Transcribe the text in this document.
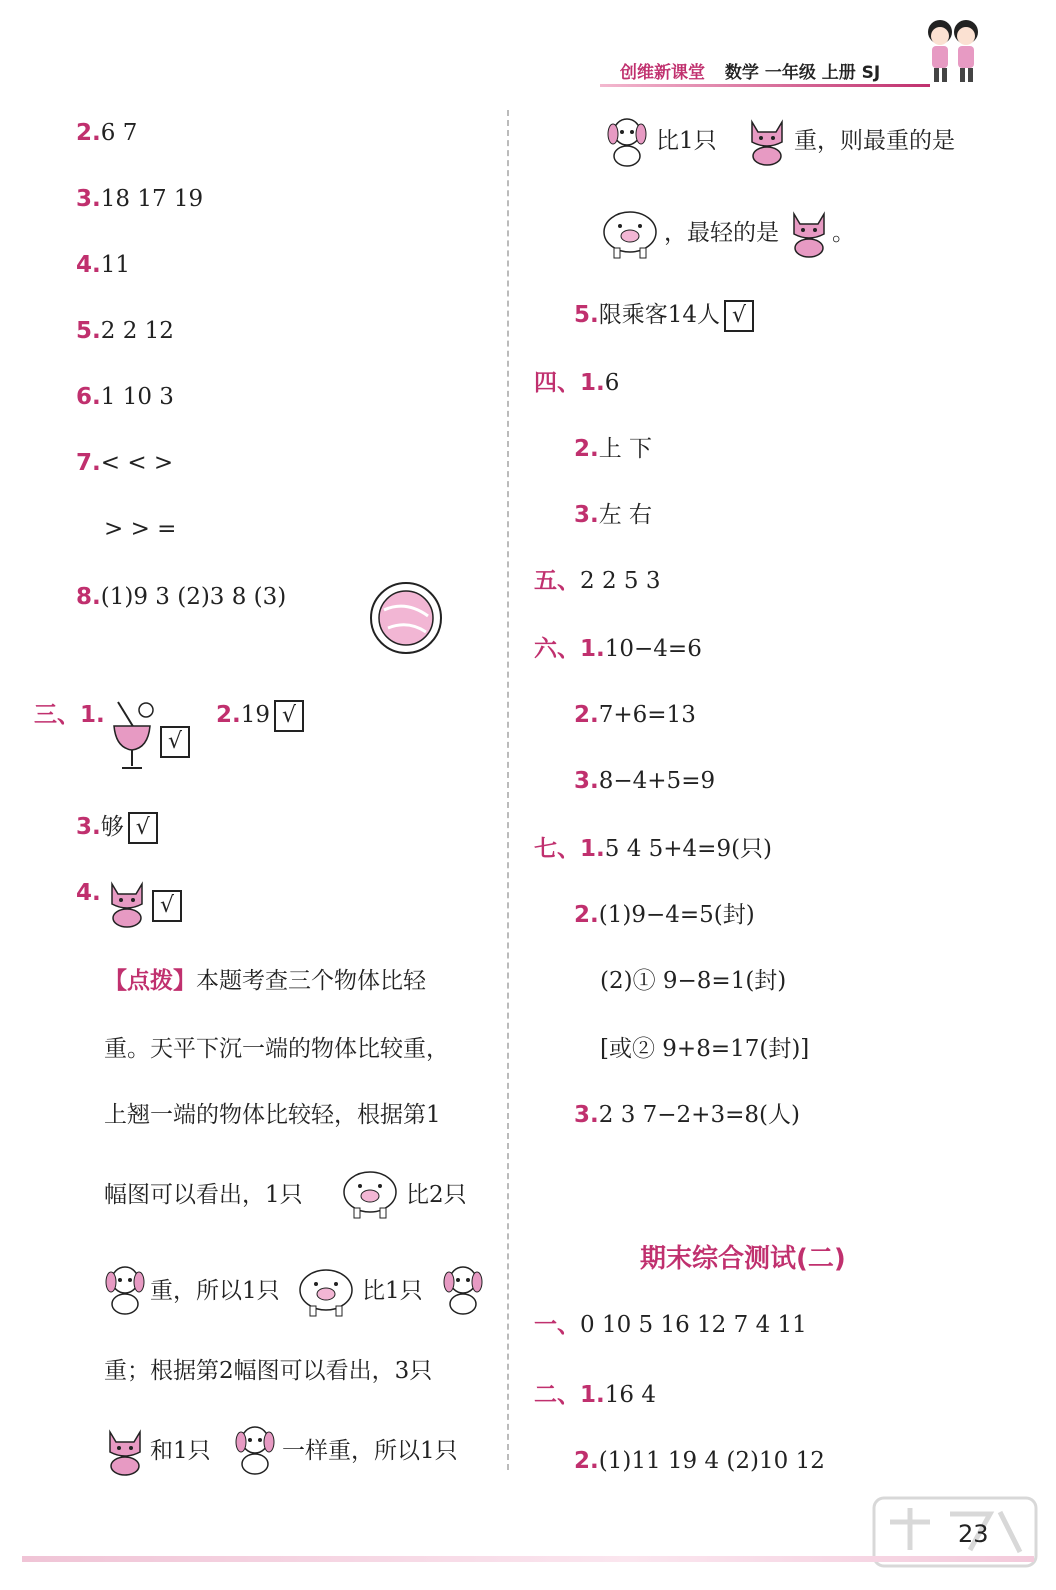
创维新课堂 数学 一年级 上册 SJ
2.6 7
3.18 17 19
4.11
5.2 2 12
6.1 10 3
7.< < >
> > =
8.(1)9 3 (2)3 8 (3)
三、1.
√
2.19 √
3.够 √
4.	√
【点拨】本题考查三个物体比轻
重。天平下沉一端的物体比较重，
上翘一端的物体比较轻，根据第1
幅图可以看出，1只	比2只
重，所以1只	比1只
重；根据第2幅图可以看出，3只
和1只	一样重，所以1只
比1只	重，则最重的是
，最轻的是 。
5.限乘客14人 √
四、1.6
2.上 下
3.左 右
五、2 2 5 3
六、1.10−4=6
2.7+6=13
3.8−4+5=9
七、1.5 4 5+4=9(只)
2.(1)9−4=5(封)
(2)① 9−8=1(封)
[或② 9+8=17(封)]
3.2 3 7−2+3=8(人)
期末综合测试(二)
一、0 10 5 16 12 7 4 11
二、1.16 4
2.(1)11 19 4 (2)10 12
23
